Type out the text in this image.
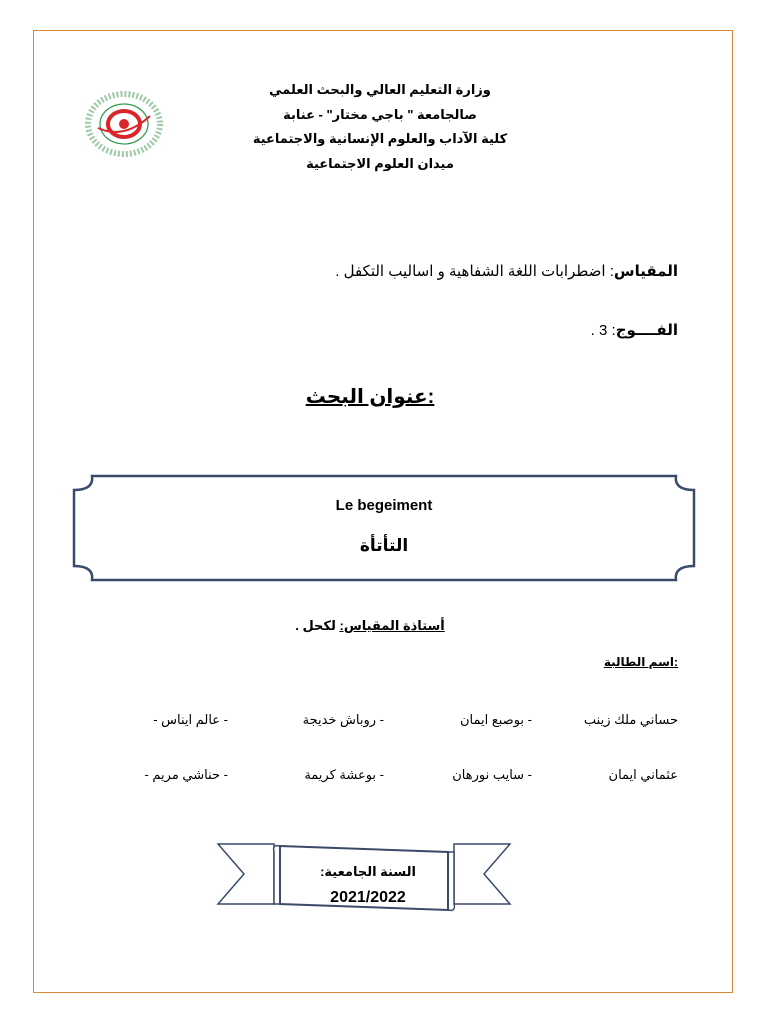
وزارة التعليم العالي والبحث العلمي
صالجامعة " باجي مختار" - عنابة
كلية الآداب والعلوم الإنسانية والاجتماعية
ميدان العلوم الاجتماعية
المقياس: اضطرابات اللغة الشفاهية و اساليب التكفل .
الفــــوج: 3 .
:عنوان البحث
Le begeiment
التأتأة
أستاذة المقياس: لكحل .
:اسم الطالبة
حساني ملك زينب
- بوصبع ايمان
- روباش خديجة
- عالم ايناس -
عثماني ايمان
- سايب نورهان
- بوعشة كريمة
- حناشي مريم -
السنة الجامعية:
2021/2022
